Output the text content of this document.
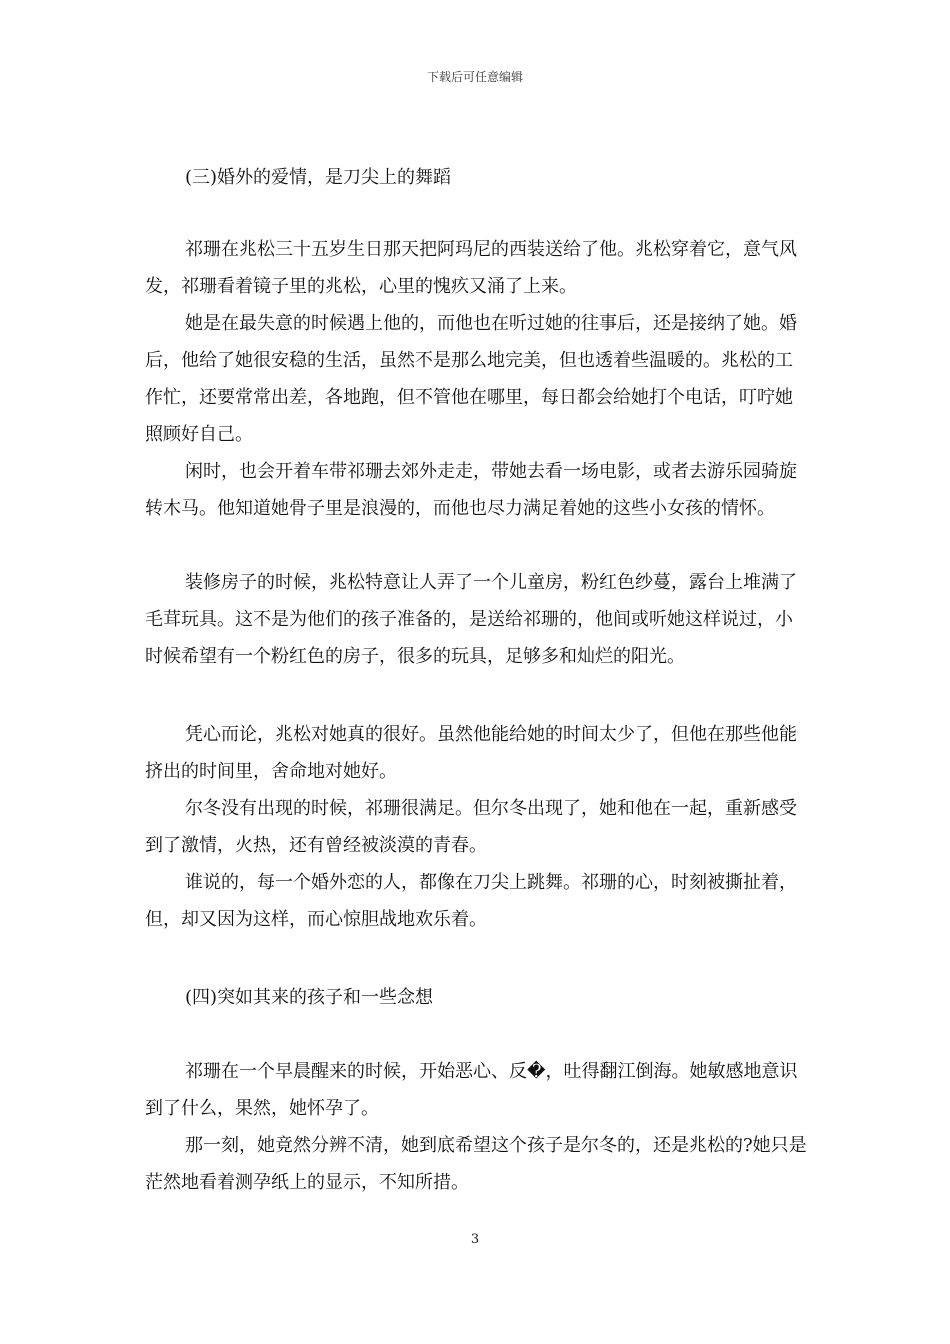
下载后可任意编辑
(三)婚外的爱情，是刀尖上的舞蹈

祁珊在兆松三十五岁生日那天把阿玛尼的西装送给了他。兆松穿着它，意气风发，祁珊看着镜子里的兆松，心里的愧疚又涌了上来。

她是在最失意的时候遇上他的，而他也在听过她的往事后，还是接纳了她。婚后，他给了她很安稳的生活，虽然不是那么地完美，但也透着些温暖的。兆松的工作忙，还要常常出差，各地跑，但不管他在哪里，每日都会给她打个电话，叮咛她照顾好自己。

闲时，也会开着车带祁珊去郊外走走，带她去看一场电影，或者去游乐园骑旋转木马。他知道她骨子里是浪漫的，而他也尽力满足着她的这些小女孩的情怀。

装修房子的时候，兆松特意让人弄了一个儿童房，粉红色纱蔓，露台上堆满了毛茸玩具。这不是为他们的孩子准备的，是送给祁珊的，他间或听她这样说过，小时候希望有一个粉红色的房子，很多的玩具，足够多和灿烂的阳光。

凭心而论，兆松对她真的很好。虽然他能给她的时间太少了，但他在那些他能挤出的时间里，舍命地对她好。

尔冬没有出现的时候，祁珊很满足。但尔冬出现了，她和他在一起，重新感受到了激情，火热，还有曾经被淡漠的青春。

谁说的，每一个婚外恋的人，都像在刀尖上跳舞。祁珊的心，时刻被撕扯着，但，却又因为这样，而心惊胆战地欢乐着。

(四)突如其来的孩子和一些念想

祁珊在一个早晨醒来的时候，开始恶心、反�，吐得翻江倒海。她敏感地意识到了什么，果然，她怀孕了。

那一刻，她竟然分辨不清，她到底希望这个孩子是尔冬的，还是兆松的?她只是茫然地看着测孕纸上的显示，不知所措。

3
